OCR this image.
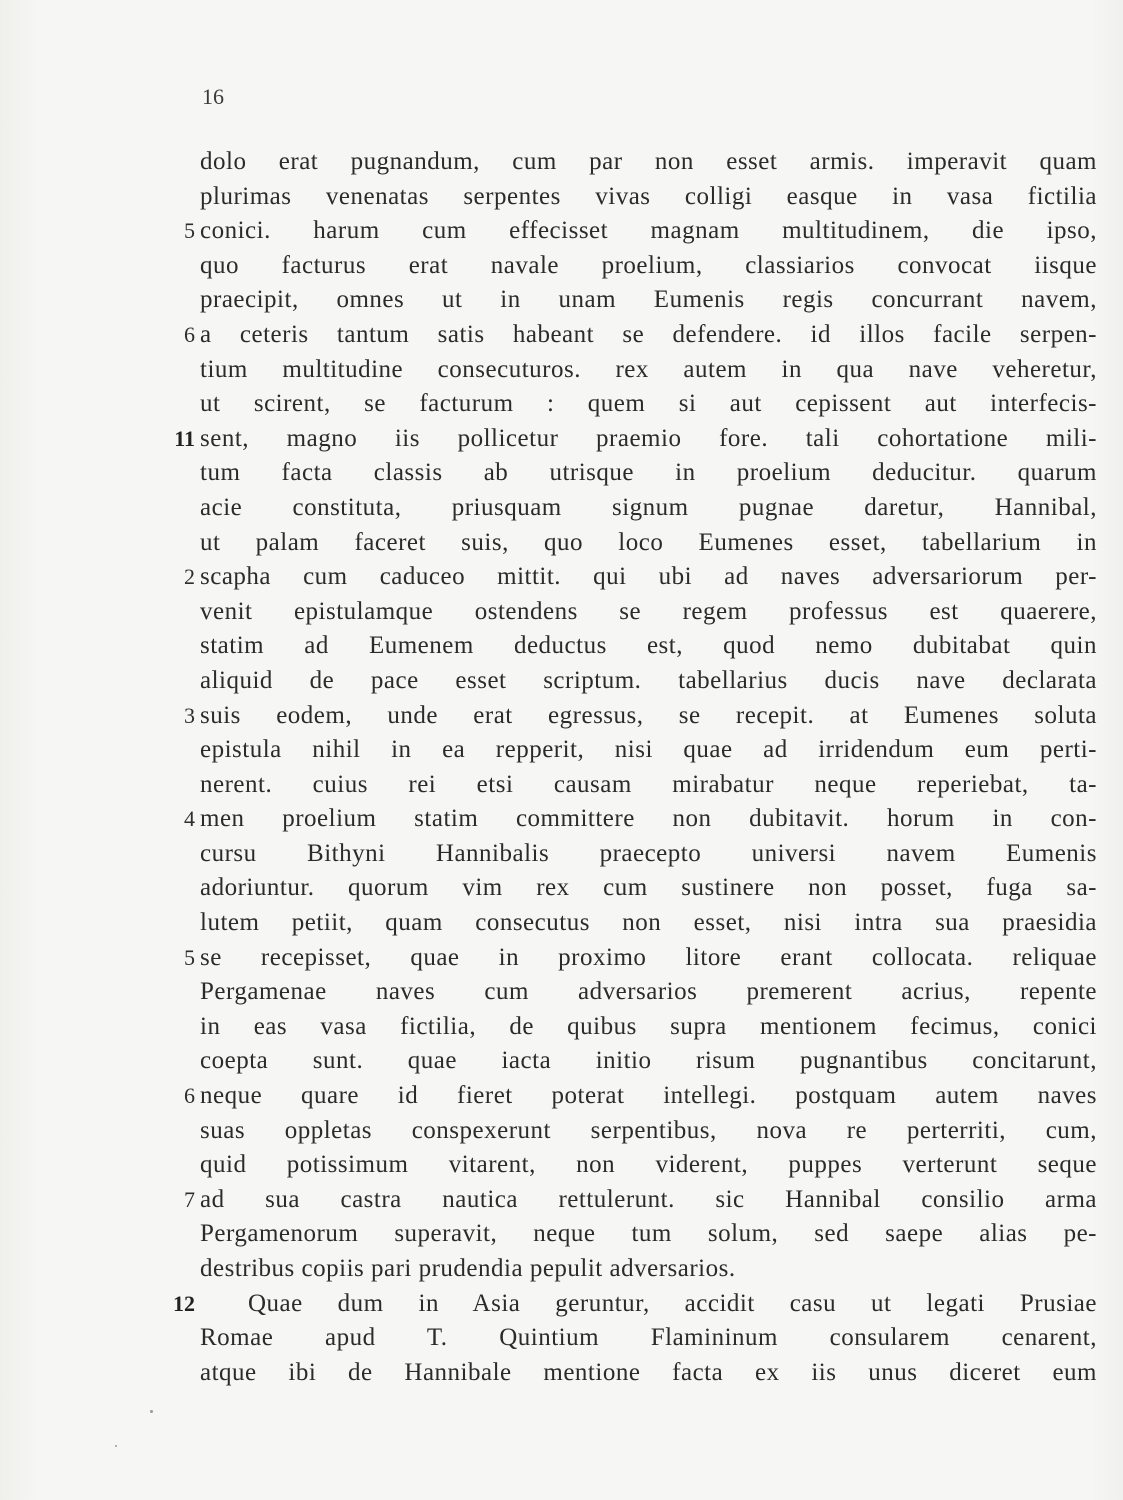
16
dolo erat pugnandum, cum par non esset armis. imperavit quam
plurimas venenatas serpentes vivas colligi easque in vasa fictilia
5 conici. harum cum effecisset magnam multitudinem, die ipso,
quo facturus erat navale proelium, classiarios convocat iisque
praecipit, omnes ut in unam Eumenis regis concurrant navem,
6 a ceteris tantum satis habeant se defendere. id illos facile serpen-
tium multitudine consecuturos. rex autem in qua nave veheretur,
ut scirent, se facturum : quem si aut cepissent aut interfecis-
11 sent, magno iis pollicetur praemio fore. tali cohortatione mili-
tum facta classis ab utrisque in proelium deducitur. quarum
acie constituta, priusquam signum pugnae daretur, Hannibal,
ut palam faceret suis, quo loco Eumenes esset, tabellarium in
2 scapha cum caduceo mittit. qui ubi ad naves adversariorum per-
venit epistulamque ostendens se regem professus est quaerere,
statim ad Eumenem deductus est, quod nemo dubitabat quin
aliquid de pace esset scriptum. tabellarius ducis nave declarata
3 suis eodem, unde erat egressus, se recepit. at Eumenes soluta
epistula nihil in ea repperit, nisi quae ad irridendum eum perti-
nerent. cuius rei etsi causam mirabatur neque reperiebat, ta-
4 men proelium statim committere non dubitavit. horum in con-
cursu Bithyni Hannibalis praecepto universi navem Eumenis
adoriuntur. quorum vim rex cum sustinere non posset, fuga sa-
lutem petiit, quam consecutus non esset, nisi intra sua praesidia
5 se recepisset, quae in proximo litore erant collocata. reliquae
Pergamenae naves cum adversarios premerent acrius, repente
in eas vasa fictilia, de quibus supra mentionem fecimus, conici
coepta sunt. quae iacta initio risum pugnantibus concitarunt,
6 neque quare id fieret poterat intellegi. postquam autem naves
suas oppletas conspexerunt serpentibus, nova re perterriti, cum,
quid potissimum vitarent, non viderent, puppes verterunt seque
7 ad sua castra nautica rettulerunt. sic Hannibal consilio arma
Pergamenorum superavit, neque tum solum, sed saepe alias pe-
destribus copiis pari prudendia pepulit adversarios.
12 Quae dum in Asia geruntur, accidit casu ut legati Prusiae
Romae apud T. Quintium Flamininum consularem cenarent,
atque ibi de Hannibale mentione facta ex iis unus diceret eum
